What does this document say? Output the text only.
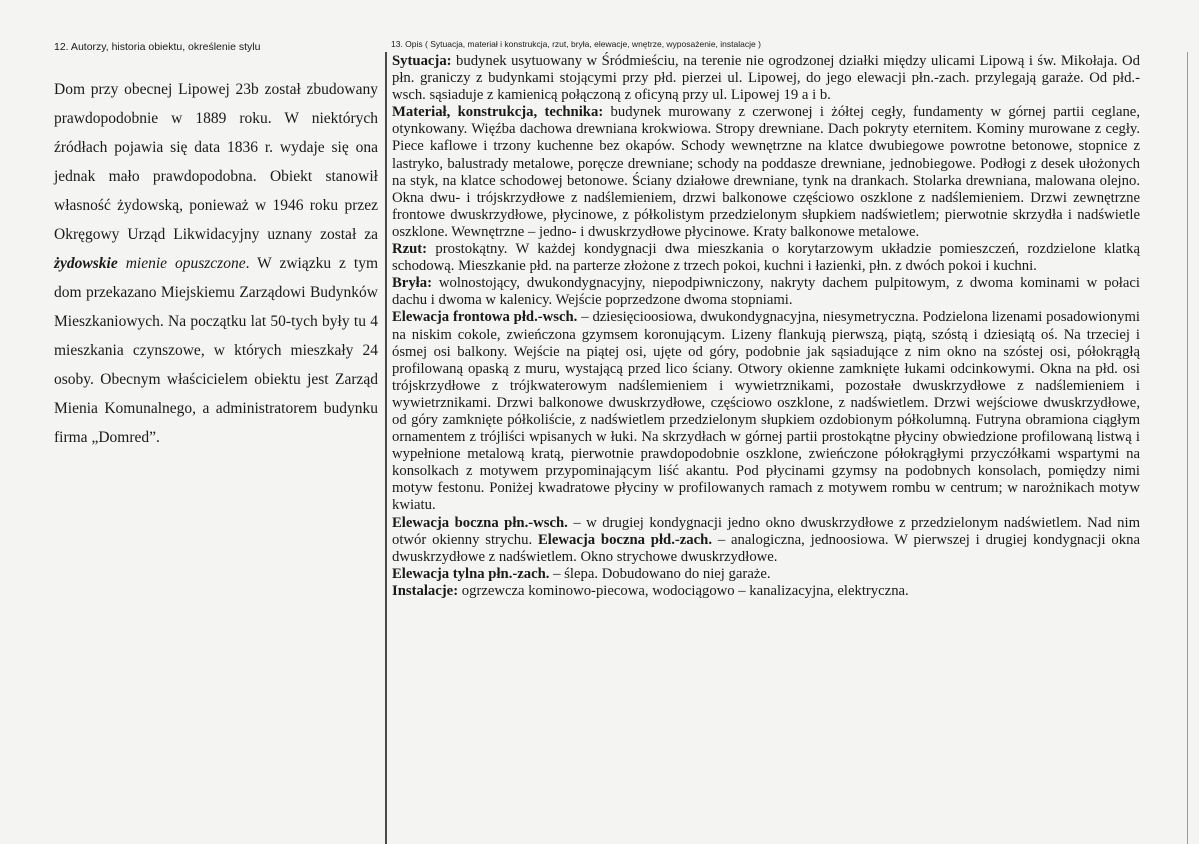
12. Autorzy, historia obiektu, określenie stylu	13. Opis ( Sytuacja, materiał i konstrukcja, rzut, bryła, elewacje, wnętrze, wyposażenie, instalacje )

Dom przy obecnej Lipowej 23b został zbudowany prawdopodobnie w 1889 roku. W niektórych źródłach pojawia się data 1836 r. wydaje się ona jednak mało prawdopodobna. Obiekt stanowił własność żydowską, ponieważ w 1946 roku przez Okręgowy Urząd Likwidacyjny uznany został za żydowskie mienie opuszczone. W związku z tym dom przekazano Miejskiemu Zarządowi Budynków Mieszkaniowych. Na początku lat 50-tych były tu 4 mieszkania czynszowe, w których mieszkały 24 osoby. Obecnym właścicielem obiektu jest Zarząd Mienia Komunalnego, a administratorem budynku firma „Domred”.

Sytuacja: budynek usytuowany w Śródmieściu, na terenie nie ogrodzonej działki między ulicami Lipową i św. Mikołaja. Od płn. graniczy z budynkami stojącymi przy płd. pierzei ul. Lipowej, do jego elewacji płn.-zach. przylegają garaże. Od płd.-wsch. sąsiaduje z kamienicą połączoną z oficyną przy ul. Lipowej 19 a i b.

Materiał, konstrukcja, technika: budynek murowany z czerwonej i żółtej cegły, fundamenty w górnej partii ceglane, otynkowany. Więźba dachowa drewniana krokwiowa. Stropy drewniane. Dach pokryty eternitem. Kominy murowane z cegły. Piece kaflowe i trzony kuchenne bez okapów. Schody wewnętrzne na klatce dwubiegowe powrotne betonowe, stopnice z lastryko, balustrady metalowe, poręcze drewniane; schody na poddasze drewniane, jednobiegowe. Podłogi z desek ułożonych na styk, na klatce schodowej betonowe. Ściany działowe drewniane, tynk na drankach. Stolarka drewniana, malowana olejno. Okna dwu- i trójskrzydłowe z nadślemieniem, drzwi balkonowe częściowo oszklone z nadślemieniem. Drzwi zewnętrzne frontowe dwuskrzydłowe, płycinowe, z półkolistym przedzielonym słupkiem nadświetlem; pierwotnie skrzydła i nadświetle oszklone. Wewnętrzne – jedno- i dwuskrzydłowe płycinowe. Kraty balkonowe metalowe.

Rzut: prostokątny. W każdej kondygnacji dwa mieszkania o korytarzowym układzie pomieszczeń, rozdzielone klatką schodową. Mieszkanie płd. na parterze złożone z trzech pokoi, kuchni i łazienki, płn. z dwóch pokoi i kuchni.

Bryła: wolnostojący, dwukondygnacyjny, niepodpiwniczony, nakryty dachem pulpitowym, z dwoma kominami w połaci dachu i dwoma w kalenicy. Wejście poprzedzone dwoma stopniami.

Elewacja frontowa płd.-wsch. – dziesięcioosiowa, dwukondygnacyjna, niesymetryczna. Podzielona lizenami posadowionymi na niskim cokole, zwieńczona gzymsem koronującym. Lizeny flankują pierwszą, piątą, szóstą i dziesiątą oś. Na trzeciej i ósmej osi balkony. Wejście na piątej osi, ujęte od góry, podobnie jak sąsiadujące z nim okno na szóstej osi, półokrągłą profilowaną opaską z muru, wystającą przed lico ściany. Otwory okienne zamknięte łukami odcinkowymi. Okna na płd. osi trójskrzydłowe z trójkwaterowym nadślemieniem i wywietrznikami, pozostałe dwuskrzydłowe z nadślemieniem i wywietrznikami. Drzwi balkonowe dwuskrzydłowe, częściowo oszklone, z nadświetlem. Drzwi wejściowe dwuskrzydłowe, od góry zamknięte półkoliście, z nadświetlem przedzielonym słupkiem ozdobionym półkolumną. Futryna obramiona ciągłym ornamentem z trójliści wpisanych w łuki. Na skrzydłach w górnej partii prostokątne płyciny obwiedzione profilowaną listwą i wypełnione metalową kratą, pierwotnie prawdopodobnie oszklone, zwieńczone półokrągłymi przyczółkami wspartymi na konsolkach z motywem przypominającym liść akantu. Pod płycinami gzymsy na podobnych konsolach, pomiędzy nimi motyw festonu. Poniżej kwadratowe płyciny w profilowanych ramach z motywem rombu w centrum; w narożnikach motyw kwiatu.

Elewacja boczna płn.-wsch. – w drugiej kondygnacji jedno okno dwuskrzydłowe z przedzielonym nadświetlem. Nad nim otwór okienny strychu. Elewacja boczna płd.-zach. – analogiczna, jednoosiowa. W pierwszej i drugiej kondygnacji okna dwuskrzydłowe z nadświetlem. Okno strychowe dwuskrzydłowe.

Elewacja tylna płn.-zach. – ślepa. Dobudowano do niej garaże.

Instalacje: ogrzewcza kominowo-piecowa, wodociągowo – kanalizacyjna, elektryczna.
